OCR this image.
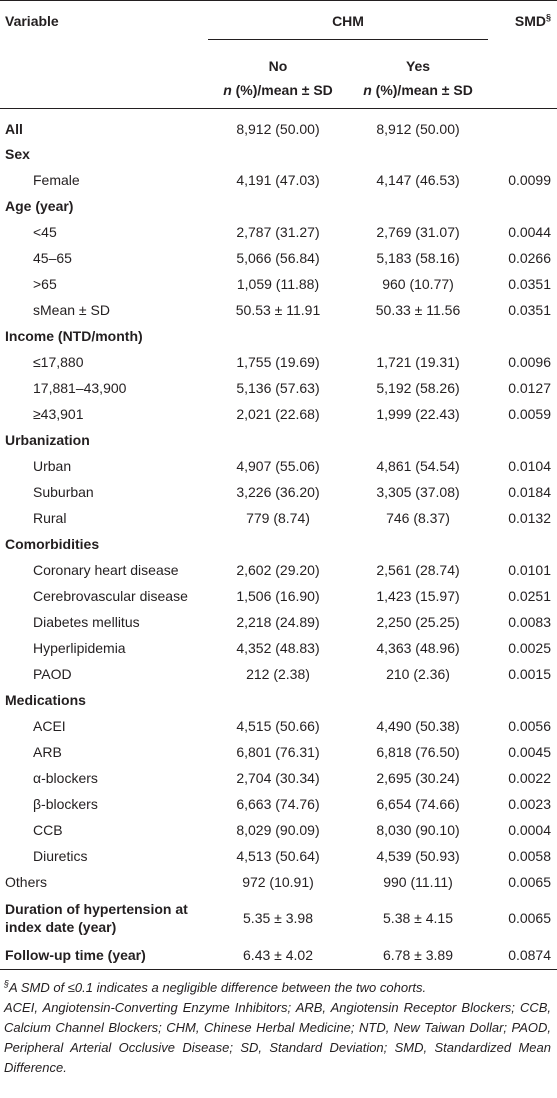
Variable	CHM		SMD§
	No	Yes	
	n (%)/mean ± SD	n (%)/mean ± SD	
All	8,912 (50.00)	8,912 (50.00)	
Sex			
Female	4,191 (47.03)	4,147 (46.53)	0.0099
Age (year)			
<45	2,787 (31.27)	2,769 (31.07)	0.0044
45–65	5,066 (56.84)	5,183 (58.16)	0.0266
>65	1,059 (11.88)	960 (10.77)	0.0351
sMean ± SD	50.53 ± 11.91	50.33 ± 11.56	0.0351
Income (NTD/month)			
≤17,880	1,755 (19.69)	1,721 (19.31)	0.0096
17,881–43,900	5,136 (57.63)	5,192 (58.26)	0.0127
≥43,901	2,021 (22.68)	1,999 (22.43)	0.0059
Urbanization			
Urban	4,907 (55.06)	4,861 (54.54)	0.0104
Suburban	3,226 (36.20)	3,305 (37.08)	0.0184
Rural	779 (8.74)	746 (8.37)	0.0132
Comorbidities			
Coronary heart disease	2,602 (29.20)	2,561 (28.74)	0.0101
Cerebrovascular disease	1,506 (16.90)	1,423 (15.97)	0.0251
Diabetes mellitus	2,218 (24.89)	2,250 (25.25)	0.0083
Hyperlipidemia	4,352 (48.83)	4,363 (48.96)	0.0025
PAOD	212 (2.38)	210 (2.36)	0.0015
Medications			
ACEI	4,515 (50.66)	4,490 (50.38)	0.0056
ARB	6,801 (76.31)	6,818 (76.50)	0.0045
α-blockers	2,704 (30.34)	2,695 (30.24)	0.0022
β-blockers	6,663 (74.76)	6,654 (74.66)	0.0023
CCB	8,029 (90.09)	8,030 (90.10)	0.0004
Diuretics	4,513 (50.64)	4,539 (50.93)	0.0058
Others	972 (10.91)	990 (11.11)	0.0065
Duration of hypertension at index date (year)	5.35 ± 3.98	5.38 ± 4.15	0.0065
Follow-up time (year)	6.43 ± 4.02	6.78 ± 3.89	0.0874

§A SMD of ≤0.1 indicates a negligible difference between the two cohorts.

ACEI, Angiotensin-Converting Enzyme Inhibitors; ARB, Angiotensin Receptor Blockers; CCB, Calcium Channel Blockers; CHM, Chinese Herbal Medicine; NTD, New Taiwan Dollar; PAOD, Peripheral Arterial Occlusive Disease; SD, Standard Deviation; SMD, Standardized Mean Difference.
